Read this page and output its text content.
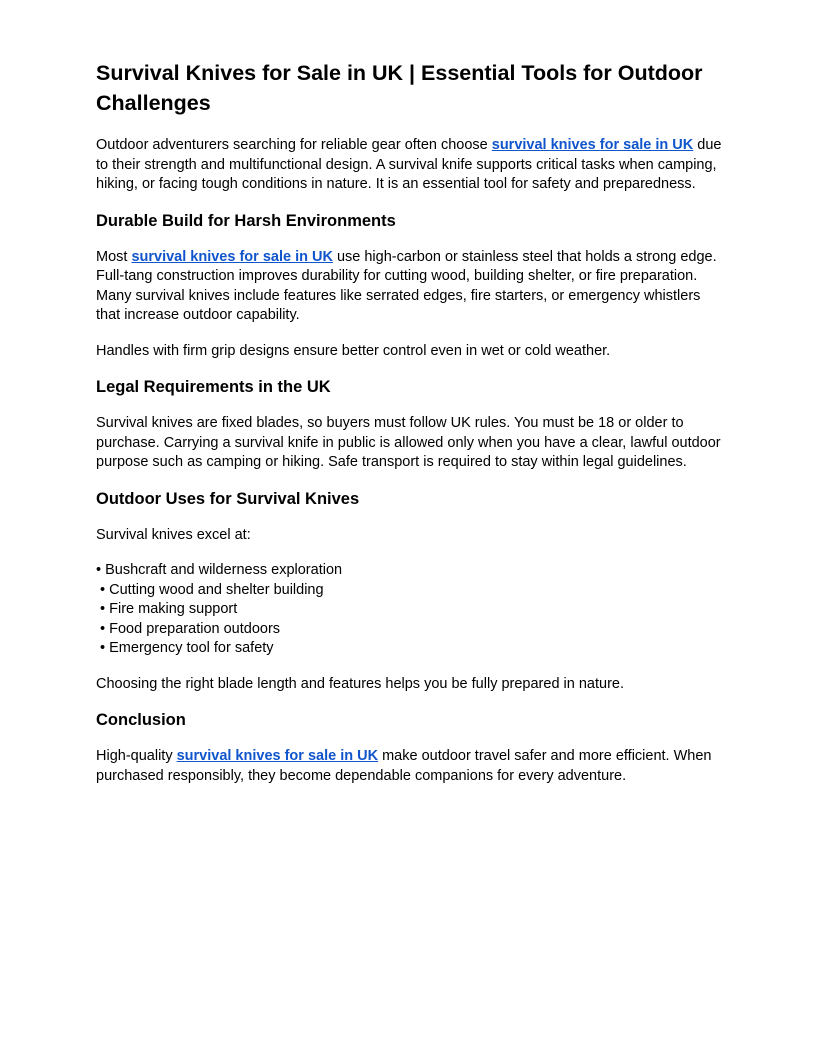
Survival Knives for Sale in UK | Essential Tools for Outdoor Challenges

Outdoor adventurers searching for reliable gear often choose survival knives for sale in UK due to their strength and multifunctional design. A survival knife supports critical tasks when camping, hiking, or facing tough conditions in nature. It is an essential tool for safety and preparedness.

Durable Build for Harsh Environments

Most survival knives for sale in UK use high-carbon or stainless steel that holds a strong edge. Full-tang construction improves durability for cutting wood, building shelter, or fire preparation. Many survival knives include features like serrated edges, fire starters, or emergency whistlers that increase outdoor capability.

Handles with firm grip designs ensure better control even in wet or cold weather.

Legal Requirements in the UK

Survival knives are fixed blades, so buyers must follow UK rules. You must be 18 or older to purchase. Carrying a survival knife in public is allowed only when you have a clear, lawful outdoor purpose such as camping or hiking. Safe transport is required to stay within legal guidelines.

Outdoor Uses for Survival Knives

Survival knives excel at:

• Bushcraft and wilderness exploration
• Cutting wood and shelter building
• Fire making support
• Food preparation outdoors
• Emergency tool for safety

Choosing the right blade length and features helps you be fully prepared in nature.

Conclusion

High-quality survival knives for sale in UK make outdoor travel safer and more efficient. When purchased responsibly, they become dependable companions for every adventure.
